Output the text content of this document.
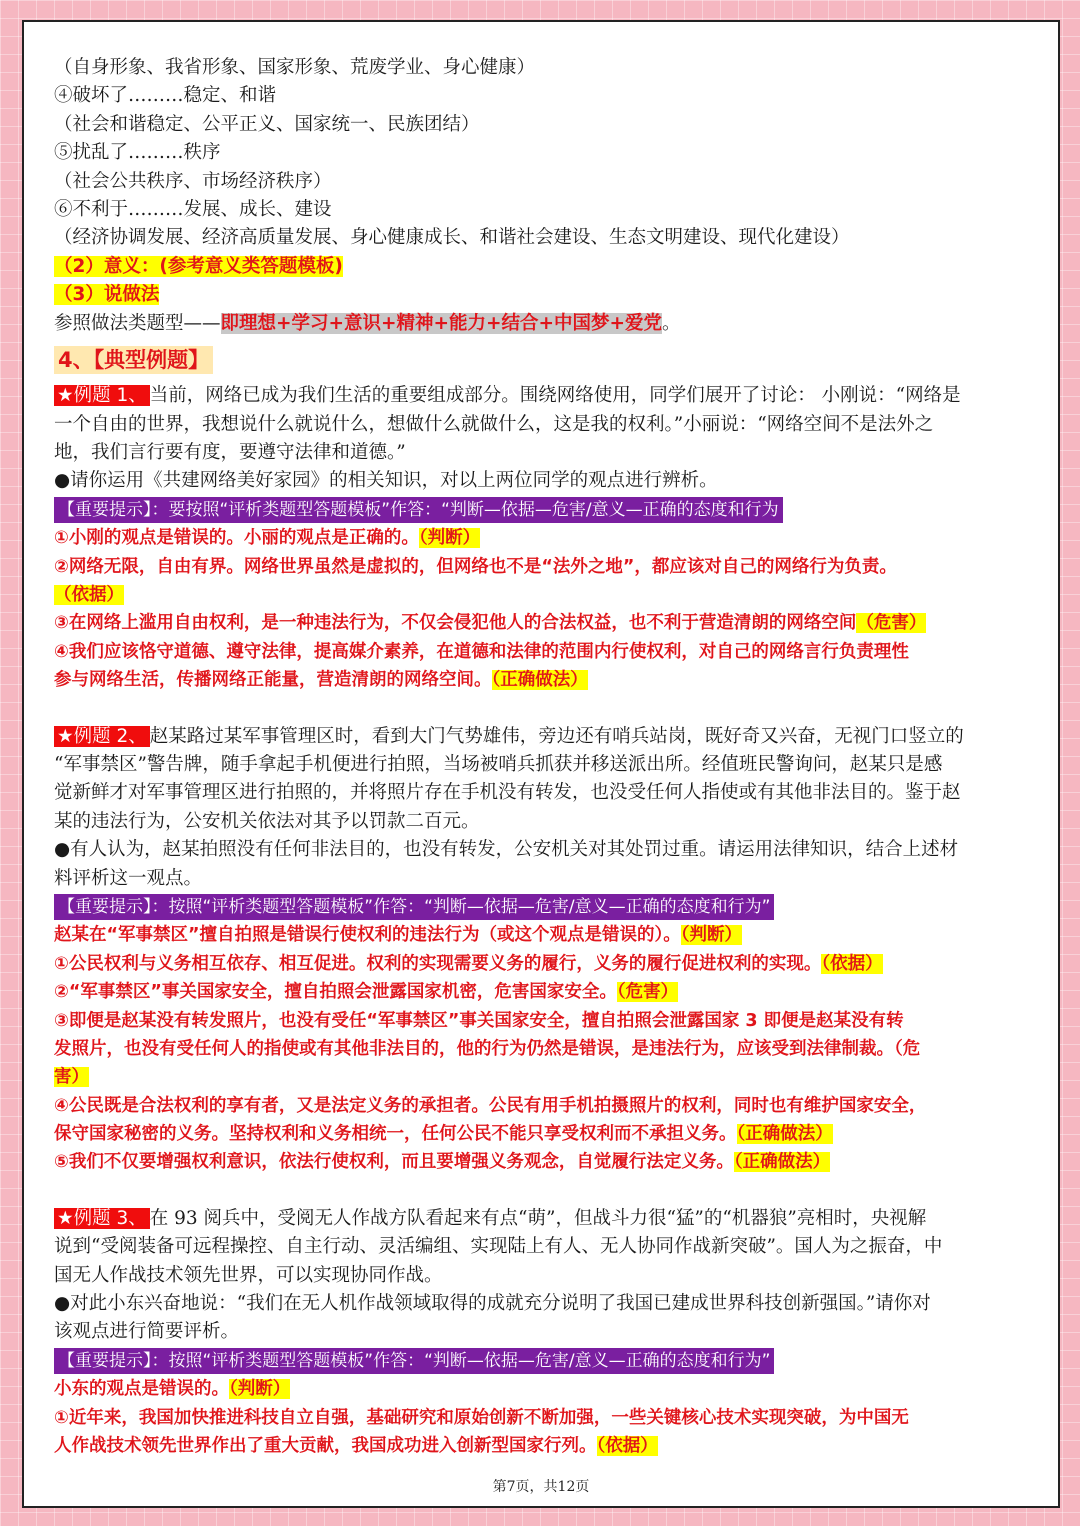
（自身形象、我省形象、国家形象、荒废学业、身心健康）
④破坏了………稳定、和谐
（社会和谐稳定、公平正义、国家统一、民族团结）
⑤扰乱了………秩序
（社会公共秩序、市场经济秩序）
⑥不利于………发展、成长、建设
（经济协调发展、经济高质量发展、身心健康成长、和谐社会建设、生态文明建设、现代化建设）
（2）意义：(参考意义类答题模板)
（3）说做法
参照做法类题型——即理想+学习+意识+精神+能力+结合+中国梦+爱党。
4、【典型例题】
★例题 1、 当前，网络已成为我们生活的重要组成部分。围绕网络使用，同学们展开了讨论： 小刚说：“网络是
一个自由的世界，我想说什么就说什么，想做什么就做什么，这是我的权利。”小丽说：“网络空间不是法外之
地，我们言行要有度，要遵守法律和道德。”
●请你运用《共建网络美好家园》的相关知识，对以上两位同学的观点进行辨析。
【重要提示】：要按照“评析类题型答题模板”作答：“判断—依据—危害/意义—正确的态度和行为
①小刚的观点是错误的。小丽的观点是正确的。（判断）
②网络无限，自由有界。网络世界虽然是虚拟的，但网络也不是“法外之地”，都应该对自己的网络行为负责。
（依据）
③在网络上滥用自由权利，是一种违法行为，不仅会侵犯他人的合法权益，也不利于营造清朗的网络空间（危害）
④我们应该恪守道德、遵守法律，提高媒介素养，在道德和法律的范围内行使权利，对自己的网络言行负责理性
参与网络生活，传播网络正能量，营造清朗的网络空间。（正确做法）
★例题 2、 赵某路过某军事管理区时，看到大门气势雄伟，旁边还有哨兵站岗，既好奇又兴奋，无视门口竖立的
“军事禁区”警告牌，随手拿起手机便进行拍照，当场被哨兵抓获并移送派出所。经值班民警询问，赵某只是感
觉新鲜才对军事管理区进行拍照的，并将照片存在手机没有转发，也没受任何人指使或有其他非法目的。鉴于赵
某的违法行为，公安机关依法对其予以罚款二百元。
●有人认为，赵某拍照没有任何非法目的，也没有转发，公安机关对其处罚过重。请运用法律知识，结合上述材
料评析这一观点。
【重要提示】：按照“评析类题型答题模板”作答：“判断—依据—危害/意义—正确的态度和行为”
赵某在“军事禁区”擅自拍照是错误行使权利的违法行为（或这个观点是错误的）。（判断）
①公民权利与义务相互依存、相互促进。权利的实现需要义务的履行，义务的履行促进权利的实现。（依据）
②“军事禁区”事关国家安全，擅自拍照会泄露国家机密，危害国家安全。（危害）
③即便是赵某没有转发照片，也没有受任“军事禁区”事关国家安全，擅自拍照会泄露国家 3 即便是赵某没有转
发照片，也没有受任何人的指使或有其他非法目的，他的行为仍然是错误，是违法行为，应该受到法律制裁。（危
害）
④公民既是合法权利的享有者，又是法定义务的承担者。公民有用手机拍摄照片的权利，同时也有维护国家安全，
保守国家秘密的义务。坚持权利和义务相统一，任何公民不能只享受权利而不承担义务。（正确做法）
⑤我们不仅要增强权利意识，依法行使权利，而且要增强义务观念，自觉履行法定义务。（正确做法）
★例题 3、 在 93 阅兵中，受阅无人作战方队看起来有点“萌”，但战斗力很“猛”的“机器狼”亮相时，央视解
说到“受阅装备可远程操控、自主行动、灵活编组、实现陆上有人、无人协同作战新突破”。国人为之振奋，中
国无人作战技术领先世界，可以实现协同作战。
●对此小东兴奋地说：“我们在无人机作战领域取得的成就充分说明了我国已建成世界科技创新强国。”请你对
该观点进行简要评析。
【重要提示】：按照“评析类题型答题模板”作答：“判断—依据—危害/意义—正确的态度和行为”
小东的观点是错误的。（判断）
①近年来，我国加快推进科技自立自强，基础研究和原始创新不断加强，一些关键核心技术实现突破，为中国无
人作战技术领先世界作出了重大贡献，我国成功进入创新型国家行列。（依据）
第7页，共12页
